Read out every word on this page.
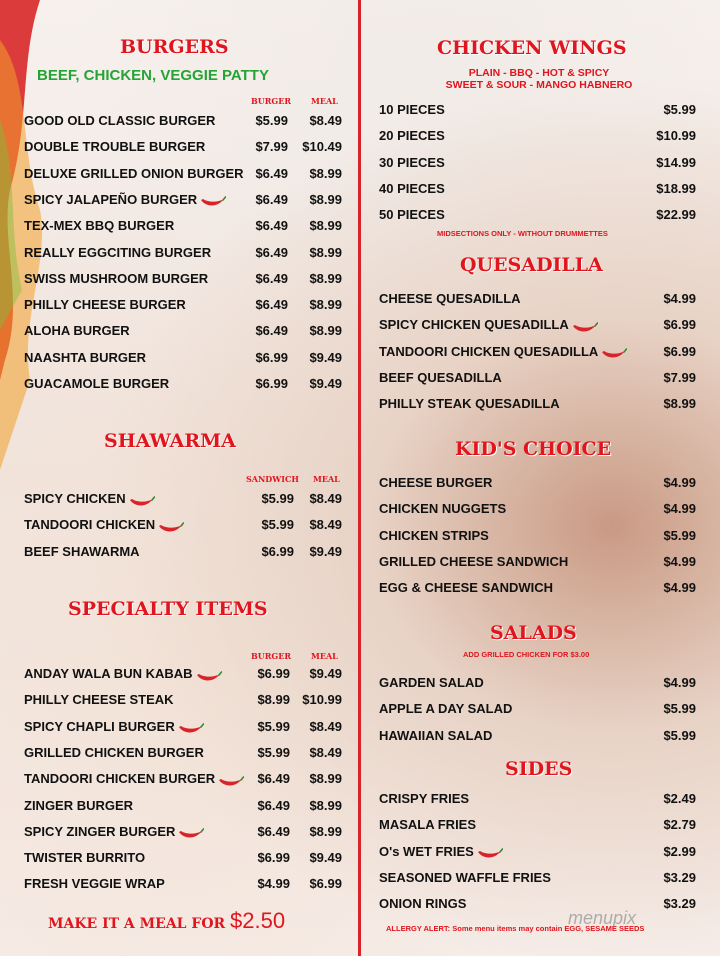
BURGERS
BEEF, CHICKEN, VEGGIE PATTY
BURGER	MEAL
GOOD OLD CLASSIC BURGER	$5.99 $8.49
DOUBLE TROUBLE BURGER	$7.99 $10.49
DELUXE GRILLED ONION BURGER $6.49 $8.99
SPICY JALAPEÑO BURGER	$6.49 $8.99
TEX-MEX BBQ BURGER	$6.49 $8.99
REALLY EGGCITING BURGER	$6.49 $8.99
SWISS MUSHROOM BURGER	$6.49 $8.99
PHILLY CHEESE BURGER	$6.49 $8.99
ALOHA BURGER	$6.49 $8.99
NAASHTA BURGER	$6.99 $9.49
GUACAMOLE BURGER	$6.99 $9.49
SHAWARMA
SANDWICH MEAL
SPICY CHICKEN	$5.99 $8.49
TANDOORI CHICKEN	$5.99 $8.49
BEEF SHAWARMA	$6.99 $9.49
SPECIALTY ITEMS
BURGER	MEAL
ANDAY WALA BUN KABAB	$6.99 $9.49
PHILLY CHEESE STEAK	$8.99 $10.99
SPICY CHAPLI BURGER	$5.99 $8.49
GRILLED CHICKEN BURGER	$5.99 $8.49
TANDOORI CHICKEN BURGER	$6.49 $8.99
ZINGER BURGER	$6.49 $8.99
SPICY ZINGER BURGER	$6.49 $8.99
TWISTER BURRITO	$6.99 $9.49
FRESH VEGGIE WRAP	$4.99 $6.99
MAKE IT A MEAL FOR $2.50
CHICKEN WINGS
PLAIN - BBQ - HOT & SPICY
SWEET & SOUR - MANGO HABNERO
10 PIECES	$5.99
20 PIECES	$10.99
30 PIECES	$14.99
40 PIECES	$18.99
50 PIECES	$22.99
MIDSECTIONS ONLY - WITHOUT DRUMMETTES
QUESADILLA
CHEESE QUESADILLA	$4.99
SPICY CHICKEN QUESADILLA	$6.99
TANDOORI CHICKEN QUESADILLA	$6.99
BEEF QUESADILLA	$7.99
PHILLY STEAK QUESADILLA	$8.99
KID'S CHOICE
CHEESE BURGER	$4.99
CHICKEN NUGGETS	$4.99
CHICKEN STRIPS	$5.99
GRILLED CHEESE SANDWICH	$4.99
EGG & CHEESE SANDWICH	$4.99
SALADS
ADD GRILLED CHICKEN FOR $3.00
GARDEN SALAD	$4.99
APPLE A DAY SALAD	$5.99
HAWAIIAN SALAD	$5.99
SIDES
CRISPY FRIES	$2.49
MASALA FRIES	$2.79
O's WET FRIES	$2.99
SEASONED WAFFLE FRIES	$3.29
ONION RINGS	$3.29
ALLERGY ALERT: Some menu items may contain EGG, SESAME SEEDS
menupix
